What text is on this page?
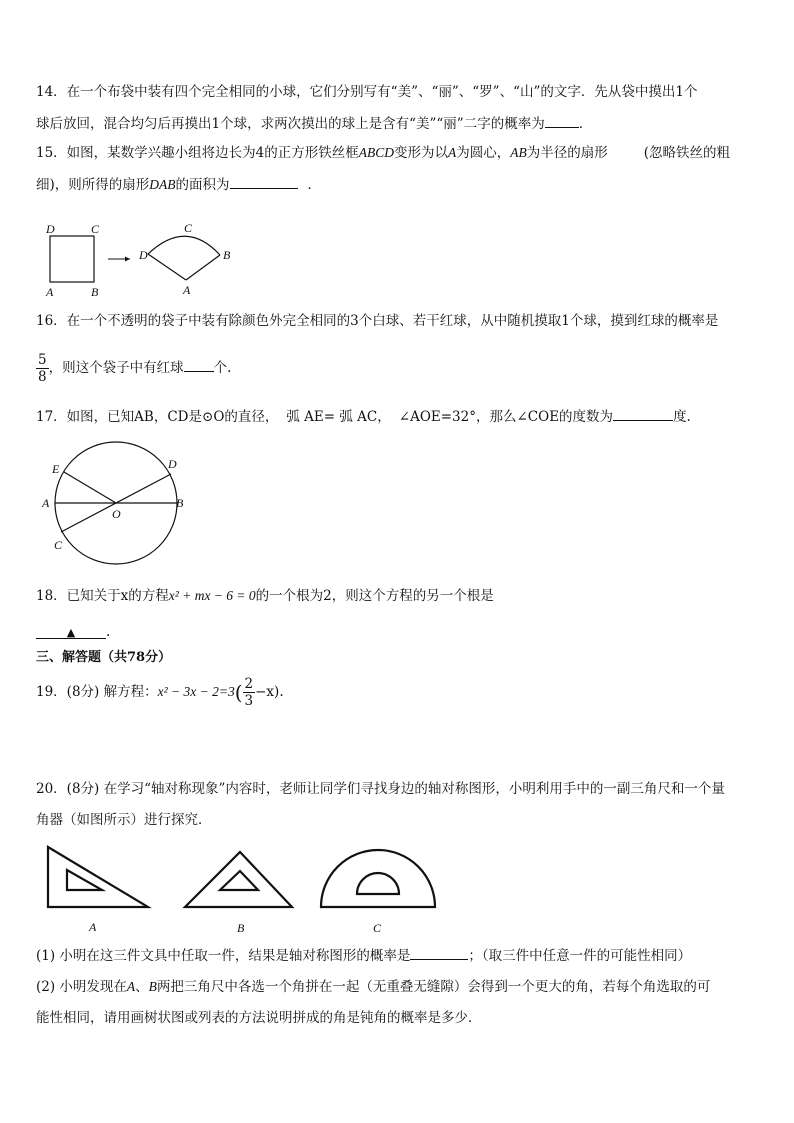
14．在一个布袋中装有四个完全相同的小球，它们分别写有“美”、“丽”、“罗”、“山”的文字．先从袋中摸出1个
球后放回，混合均匀后再摸出1个球，求两次摸出的球上是含有“美”“丽”二字的概率为	．
15．如图，某数学兴趣小组将边长为4的正方形铁丝框ABCD变形为以A为圆心，AB为半径的扇形	(忽略铁丝的粗
细)，则所得的扇形DAB的面积为	．
D	C
A	B
C
D	B
A
16．在一个不透明的袋子中装有除颜色外完全相同的3个白球、若干红球，从中随机摸取1个球，摸到红球的概率是
$\frac{5}{8}$ ，则这个袋子中有红球 个.
17．如图，已知AB，CD是⊙O的直径， 弧 AE= 弧 AC， ∠AOE=32°，那么∠COE的度数为	度.
E	D
A
O
B
C
18．已知关于x的方程x² + mx − 6 = 0的一个根为2，则这个方程的另一个根是
▲ .
三、解答题（共78分）
19．(8分) 解方程：$x^2 - 3x - 2=3( \frac{2}{3} -x)$.
20．(8分) 在学习“轴对称现象”内容时，老师让同学们寻找身边的轴对称图形，小明利用手中的一副三角尺和一个量
角器（如图所示）进行探究．
A	B	C
(1) 小明在这三件文具中任取一件，结果是轴对称图形的概率是	；（取三件中任意一件的可能性相同）
(2) 小明发现在A、B两把三角尺中各选一个角拼在一起（无重叠无缝隙）会得到一个更大的角，若每个角选取的可
能性相同，请用画树状图或列表的方法说明拼成的角是钝角的概率是多少．
